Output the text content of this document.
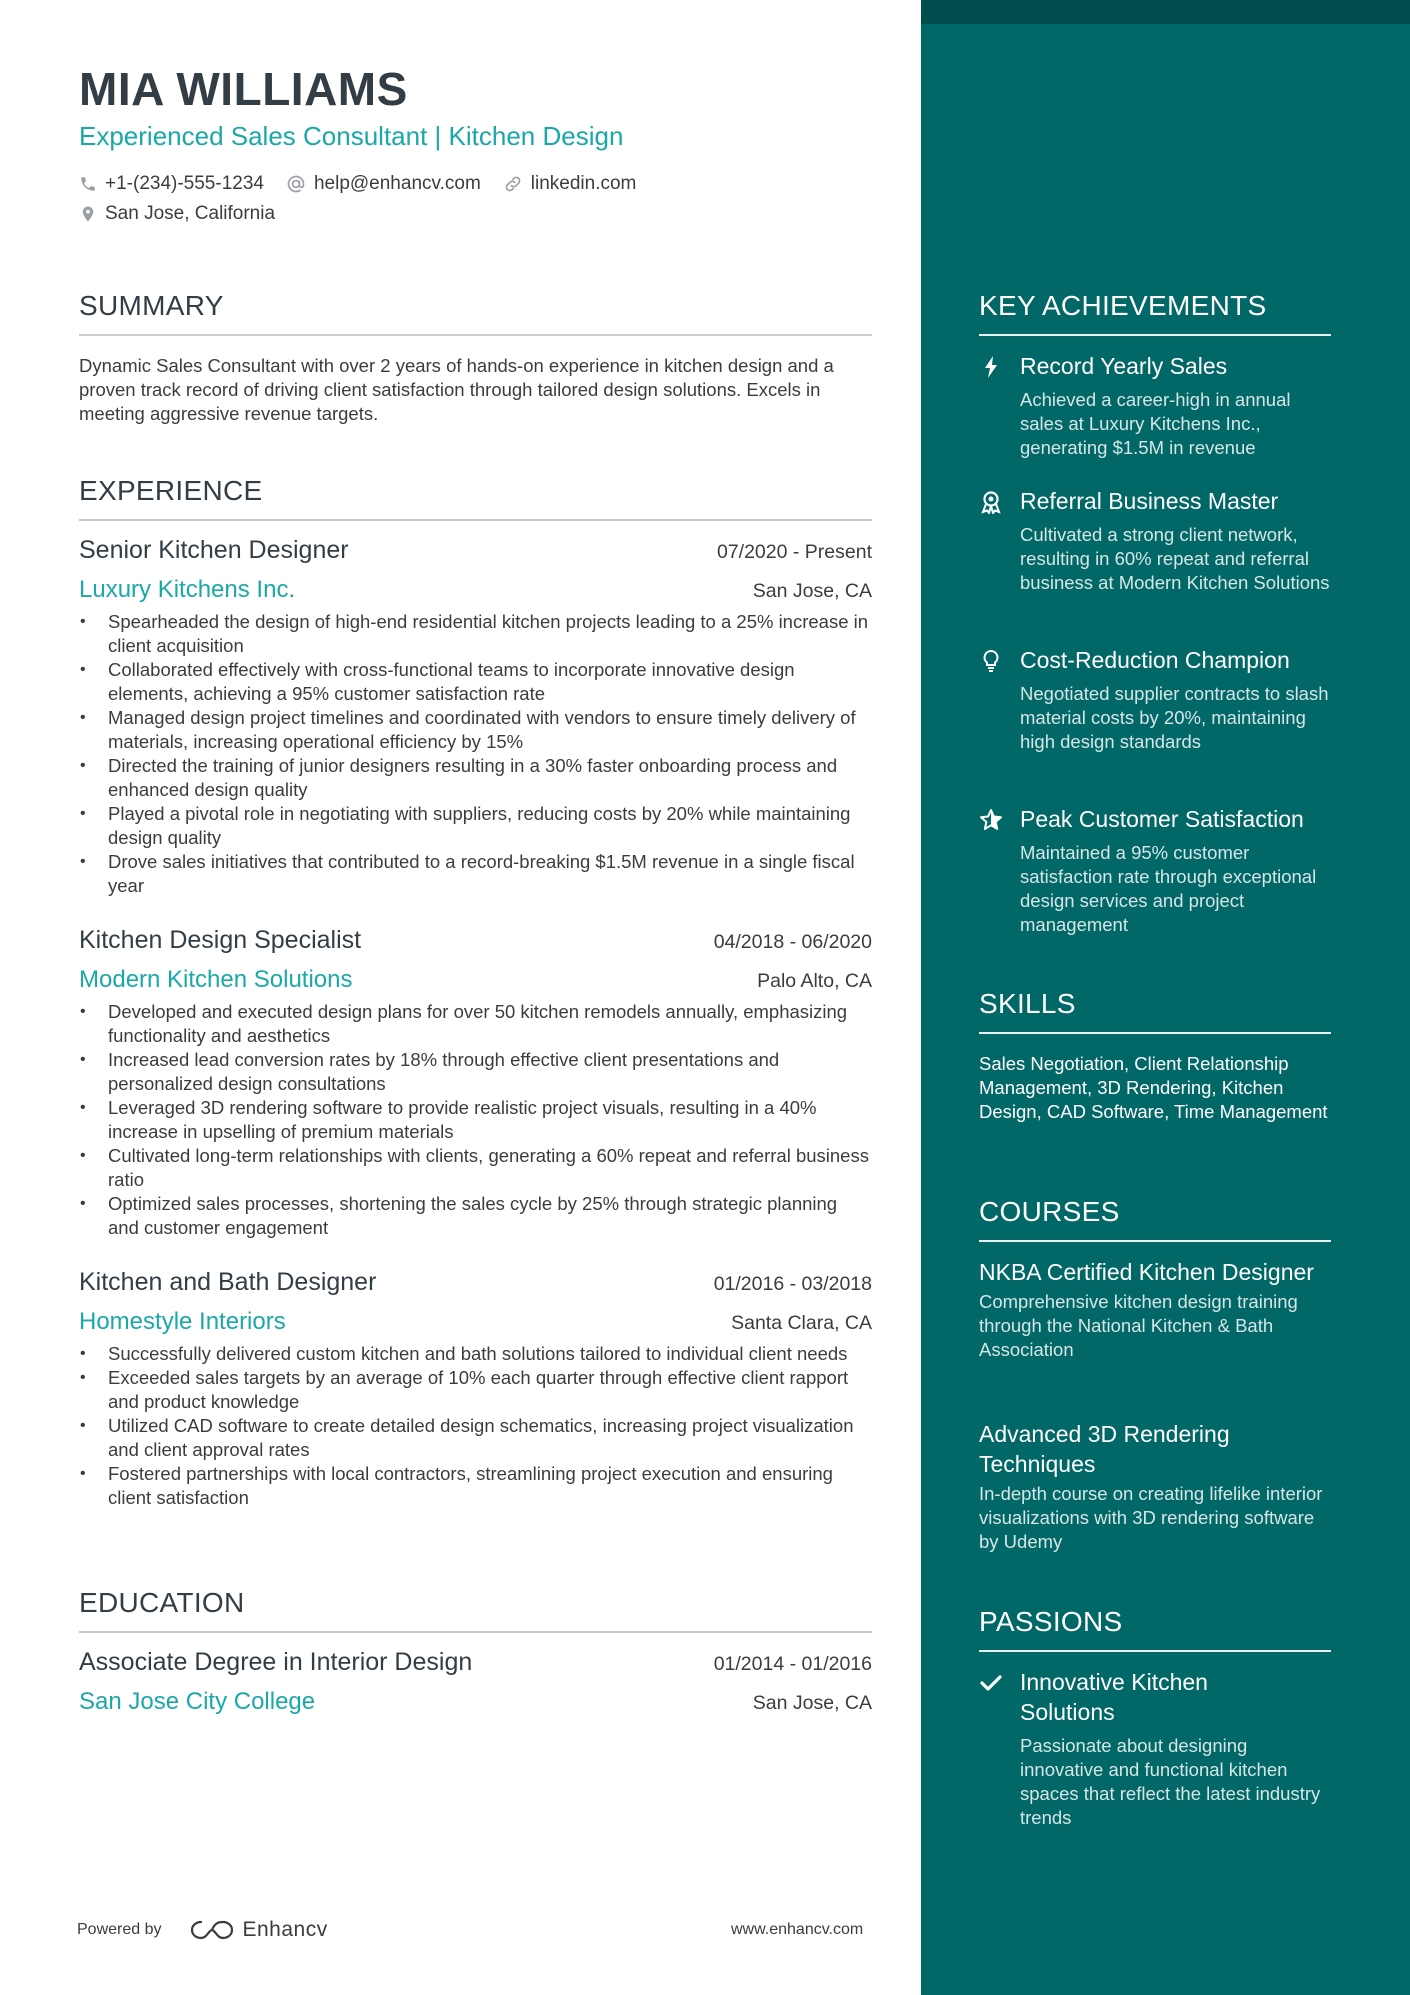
MIA WILLIAMS
Experienced Sales Consultant | Kitchen Design
+1-(234)-555-1234	help@enhancv.com	linkedin.com
San Jose, California
SUMMARY
Dynamic Sales Consultant with over 2 years of hands-on experience in kitchen design and a proven track record of driving client satisfaction through tailored design solutions. Excels in meeting aggressive revenue targets.
EXPERIENCE
Senior Kitchen Designer	07/2020 - Present
Luxury Kitchens Inc.	San Jose, CA
• Spearheaded the design of high-end residential kitchen projects leading to a 25% increase in client acquisition
• Collaborated effectively with cross-functional teams to incorporate innovative design elements, achieving a 95% customer satisfaction rate
• Managed design project timelines and coordinated with vendors to ensure timely delivery of materials, increasing operational efficiency by 15%
• Directed the training of junior designers resulting in a 30% faster onboarding process and enhanced design quality
• Played a pivotal role in negotiating with suppliers, reducing costs by 20% while maintaining design quality
• Drove sales initiatives that contributed to a record-breaking $1.5M revenue in a single fiscal year
Kitchen Design Specialist	04/2018 - 06/2020
Modern Kitchen Solutions	Palo Alto, CA
• Developed and executed design plans for over 50 kitchen remodels annually, emphasizing functionality and aesthetics
• Increased lead conversion rates by 18% through effective client presentations and personalized design consultations
• Leveraged 3D rendering software to provide realistic project visuals, resulting in a 40% increase in upselling of premium materials
• Cultivated long-term relationships with clients, generating a 60% repeat and referral business ratio
• Optimized sales processes, shortening the sales cycle by 25% through strategic planning and customer engagement
Kitchen and Bath Designer	01/2016 - 03/2018
Homestyle Interiors	Santa Clara, CA
• Successfully delivered custom kitchen and bath solutions tailored to individual client needs
• Exceeded sales targets by an average of 10% each quarter through effective client rapport and product knowledge
• Utilized CAD software to create detailed design schematics, increasing project visualization and client approval rates
• Fostered partnerships with local contractors, streamlining project execution and ensuring client satisfaction
EDUCATION
Associate Degree in Interior Design	01/2014 - 01/2016
San Jose City College	San Jose, CA
Powered by	Enhancv	www.enhancv.com
KEY ACHIEVEMENTS
Record Yearly Sales
Achieved a career-high in annual sales at Luxury Kitchens Inc., generating $1.5M in revenue
Referral Business Master
Cultivated a strong client network, resulting in 60% repeat and referral business at Modern Kitchen Solutions
Cost-Reduction Champion
Negotiated supplier contracts to slash material costs by 20%, maintaining high design standards
Peak Customer Satisfaction
Maintained a 95% customer satisfaction rate through exceptional design services and project management
SKILLS
Sales Negotiation, Client Relationship Management, 3D Rendering, Kitchen Design, CAD Software, Time Management
COURSES
NKBA Certified Kitchen Designer
Comprehensive kitchen design training through the National Kitchen & Bath Association
Advanced 3D Rendering Techniques
In-depth course on creating lifelike interior visualizations with 3D rendering software by Udemy
PASSIONS
Innovative Kitchen Solutions
Passionate about designing innovative and functional kitchen spaces that reflect the latest industry trends
